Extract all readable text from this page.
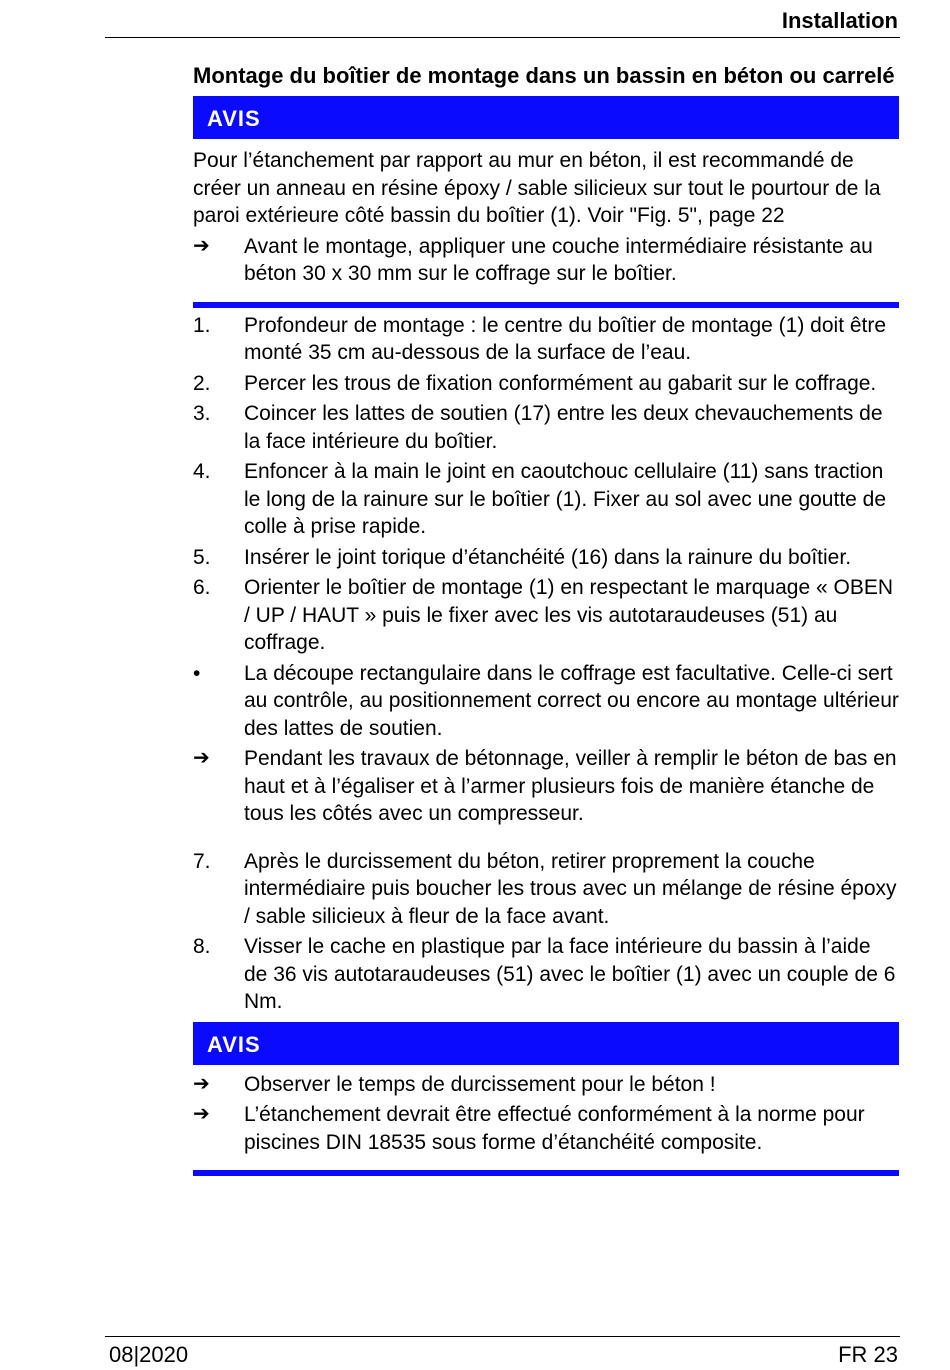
Installation
Montage du boîtier de montage dans un bassin en béton ou carrelé
AVIS
Pour l’étanchement par rapport au mur en béton, il est recommandé de créer un anneau en résine époxy / sable silicieux sur tout le pourtour de la paroi extérieure côté bassin du boîtier (1). Voir "Fig. 5", page 22
➔	Avant le montage, appliquer une couche intermédiaire résistante au béton 30 x 30 mm sur le coffrage sur le boîtier.
1.	Profondeur de montage : le centre du boîtier de montage (1) doit être monté 35 cm au-dessous de la surface de l’eau.
2.	Percer les trous de fixation conformément au gabarit sur le coffrage.
3.	Coincer les lattes de soutien (17) entre les deux chevauchements de la face intérieure du boîtier.
4.	Enfoncer à la main le joint en caoutchouc cellulaire (11) sans traction le long de la rainure sur le boîtier (1). Fixer au sol avec une goutte de colle à prise rapide.
5.	Insérer le joint torique d’étanchéité (16) dans la rainure du boîtier.
6.	Orienter le boîtier de montage (1) en respectant le marquage « OBEN / UP / HAUT » puis le fixer avec les vis autotaraudeuses (51) au coffrage.
•	La découpe rectangulaire dans le coffrage est facultative. Celle-ci sert au contrôle, au positionnement correct ou encore au montage ultérieur des lattes de soutien.
➔	Pendant les travaux de bétonnage, veiller à remplir le béton de bas en haut et à l’égaliser et à l’armer plusieurs fois de manière étanche de tous les côtés avec un compresseur.
7.	Après le durcissement du béton, retirer proprement la couche intermédiaire puis boucher les trous avec un mélange de résine époxy / sable silicieux à fleur de la face avant.
8.	Visser le cache en plastique par la face intérieure du bassin à l’aide de 36 vis autotaraudeuses (51) avec le boîtier (1) avec un couple de 6 Nm.
AVIS
➔	Observer le temps de durcissement pour le béton !
➔	L’étanchement devrait être effectué conformément à la norme pour piscines DIN 18535 sous forme d’étanchéité composite.
08|2020	FR 23
